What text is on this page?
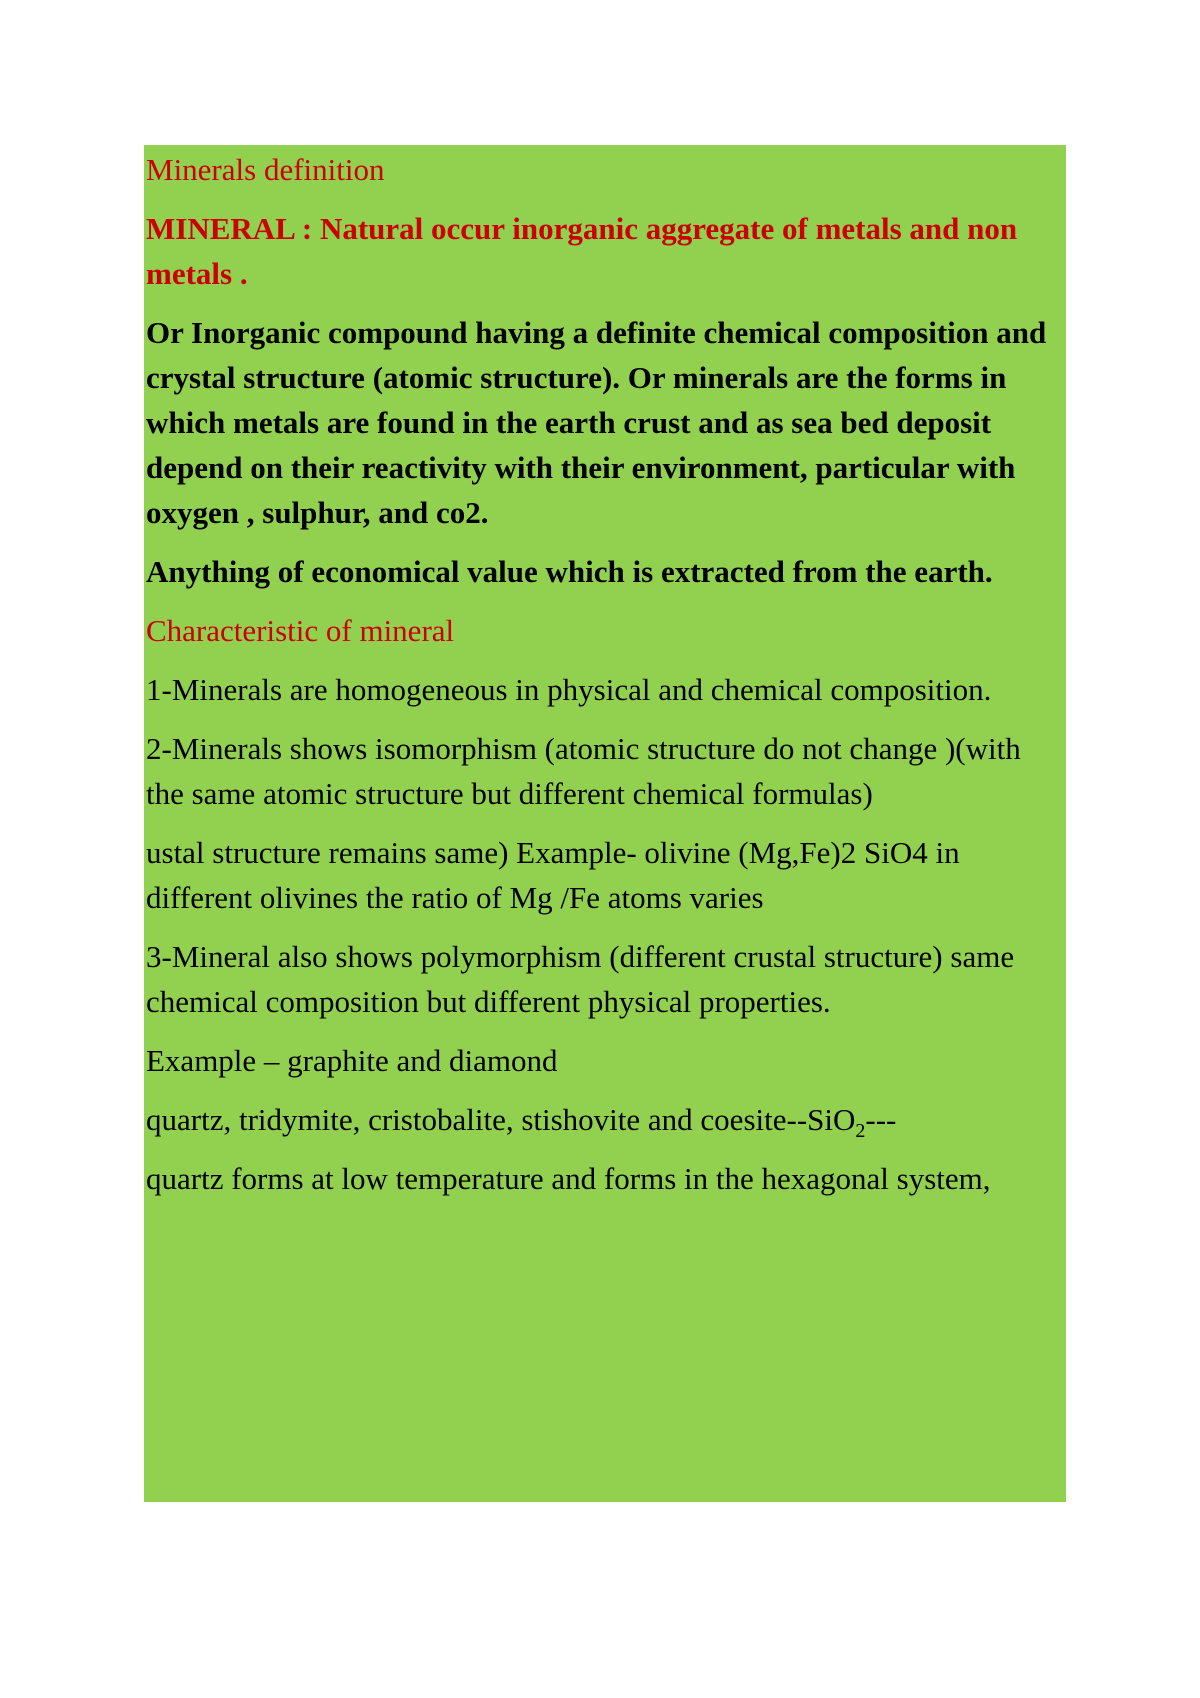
Minerals definition

MINERAL : Natural occur inorganic aggregate of metals and non metals .

Or Inorganic compound having a definite chemical composition and crystal structure (atomic structure). Or minerals are the forms in which metals are found in the earth crust and as sea bed deposit depend on their reactivity with their environment, particular with oxygen , sulphur, and co2.

Anything of economical value which is extracted from the earth.

Characteristic of mineral

1-Minerals are homogeneous in physical and chemical composition.

2-Minerals shows isomorphism (atomic structure do not change )(with the same atomic structure but different chemical formulas)

ustal structure remains same) Example- olivine (Mg,Fe)2 SiO4 in different olivines the ratio of Mg /Fe atoms varies

3-Mineral also shows polymorphism (different crustal structure) same chemical composition but different physical properties.

Example – graphite and diamond

quartz, tridymite, cristobalite, stishovite and coesite--SiO$_2$---

quartz forms at low temperature and forms in the hexagonal system,
